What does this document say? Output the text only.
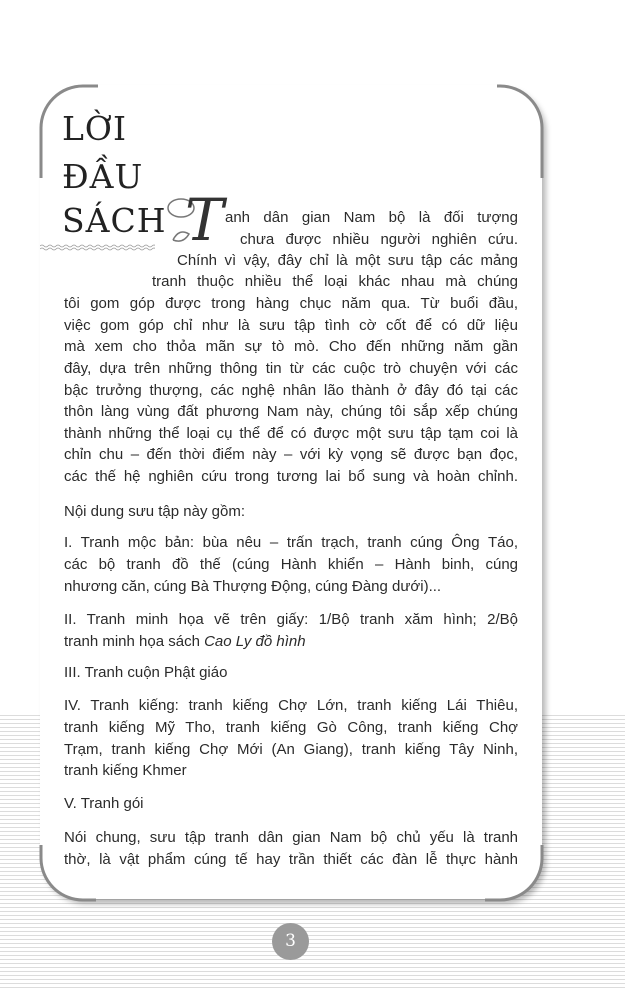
LỜI
ĐẦU
SÁCH T anh dân gian Nam bộ là đối tượng
chưa được nhiều người nghiên cứu.
Chính vì vậy, đây chỉ là một sưu tập các mảng
tranh thuộc nhiều thể loại khác nhau mà chúng
tôi gom góp được trong hàng chục năm qua. Từ buổi đầu,
việc gom góp chỉ như là sưu tập tình cờ cốt để có dữ liệu
mà xem cho thỏa mãn sự tò mò. Cho đến những năm gần
đây, dựa trên những thông tin từ các cuộc trò chuyện với các
bậc trưởng thượng, các nghệ nhân lão thành ở đây đó tại các
thôn làng vùng đất phương Nam này, chúng tôi sắp xếp chúng
thành những thể loại cụ thể để có được một sưu tập tạm coi là
chỉn chu – đến thời điểm này – với kỳ vọng sẽ được bạn đọc,
các thế hệ nghiên cứu trong tương lai bổ sung và hoàn chỉnh.
Nội dung sưu tập này gồm:
I. Tranh mộc bản: bùa nêu – trấn trạch, tranh cúng Ông Táo,
các bộ tranh đồ thế (cúng Hành khiển – Hành binh, cúng
nhương căn, cúng Bà Thượng Động, cúng Đàng dưới)...
II. Tranh minh họa vẽ trên giấy: 1/Bộ tranh xăm hình; 2/Bộ
tranh minh họa sách Cao Ly đồ hình
III. Tranh cuộn Phật giáo
IV. Tranh kiếng: tranh kiếng Chợ Lớn, tranh kiếng Lái Thiêu,
tranh kiếng Mỹ Tho, tranh kiếng Gò Công, tranh kiếng Chợ
Trạm, tranh kiếng Chợ Mới (An Giang), tranh kiếng Tây Ninh,
tranh kiếng Khmer
V. Tranh gói
Nói chung, sưu tập tranh dân gian Nam bộ chủ yếu là tranh
thờ, là vật phẩm cúng tế hay trần thiết các đàn lễ thực hành
3
